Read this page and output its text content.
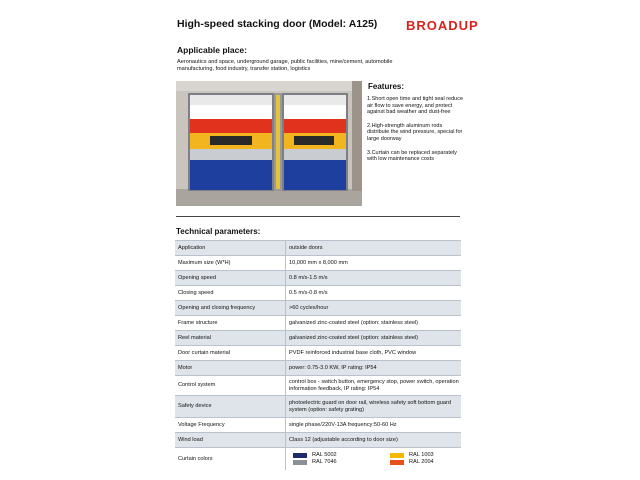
High-speed stacking door (Model: A125) BROADUP
Applicable place:
Aeronautics and space, underground garage, public facilities, mine/cement, automobile manufacturing, food industry, transfer station, logistics
Features:

1.Short open time and tight seal reduce air flow to save energy, and protect against bad weather and dust-free

2.High-strength aluminum rods distribute the wind pressure, special for large doorway

3.Curtain can be replaced separately with low maintenance costs

Technical parameters:
Application	outside doors
Maximum size (W*H)	10,000 mm x 8,000 mm
Opening speed	0.8 m/s-1.5 m/s
Closing speed	0.5 m/s-0.8 m/s
Opening and closing frequency	>60 cycles/hour
Frame structure	galvanized zinc-coated steel (option: stainless steel)
Reel material	galvanized zinc-coated steel (option: stainless steel)
Door curtain material	PVDF reinforced industrial base cloth, PVC window
Motor	power: 0.75-3.0 KW, IP rating: IP54
Control system	control box - switch button, emergency stop, power switch, operation information feedback, IP rating: IP54
Safety device	photoelectric guard on door rail, wireless safety soft bottom guard system (option: safety grating)
Voltage Frequency	single phase/220V-13A frequency:50-60 Hz
Wind load	Class 12 (adjustable according to door size)
Curtain colors	RAL 5002 RAL 1003
RAL 7046 RAL 2004
